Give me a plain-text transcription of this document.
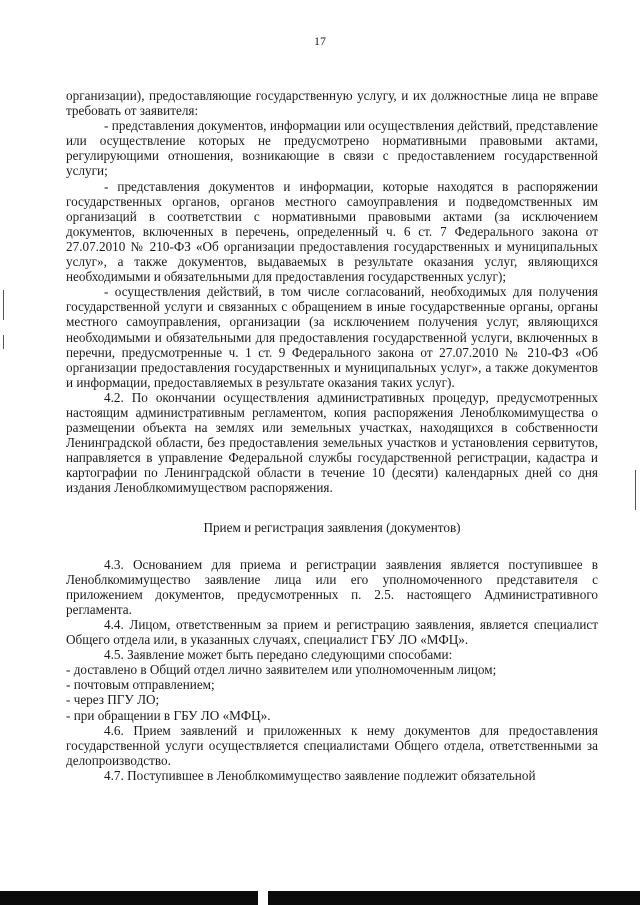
17

организации), предоставляющие государственную услугу, и их должностные лица не вправе требовать от заявителя:

- представления документов, информации или осуществления действий, представление или осуществление которых не предусмотрено нормативными правовыми актами, регулирующими отношения, возникающие в связи с предоставлением государственной услуги;

- представления документов и информации, которые находятся в распоряжении государственных органов, органов местного самоуправления и подведомственных им организаций в соответствии с нормативными правовыми актами (за исключением документов, включенных в перечень, определенный ч. 6 ст. 7 Федерального закона от 27.07.2010 № 210-ФЗ «Об организации предоставления государственных и муниципальных услуг», а также документов, выдаваемых в результате оказания услуг, являющихся необходимыми и обязательными для предоставления государственных услуг);

- осуществления действий, в том числе согласований, необходимых для получения государственной услуги и связанных с обращением в иные государственные органы, органы местного самоуправления, организации (за исключением получения услуг, являющихся необходимыми и обязательными для предоставления государственной услуги, включенных в перечни, предусмотренные ч. 1 ст. 9 Федерального закона от 27.07.2010 № 210-ФЗ «Об организации предоставления государственных и муниципальных услуг», а также документов и информации, предоставляемых в результате оказания таких услуг).

4.2. По окончании осуществления административных процедур, предусмотренных настоящим административным регламентом, копия распоряжения Леноблкомимущества о размещении объекта на землях или земельных участках, находящихся в собственности Ленинградской области, без предоставления земельных участков и установления сервитутов, направляется в управление Федеральной службы государственной регистрации, кадастра и картографии по Ленинградской области в течение 10 (десяти) календарных дней со дня издания Леноблкомимуществом распоряжения.

Прием и регистрация заявления (документов)

4.3. Основанием для приема и регистрации заявления является поступившее в Леноблкомимущество заявление лица или его уполномоченного представителя с приложением документов, предусмотренных п. 2.5. настоящего Административного регламента.

4.4. Лицом, ответственным за прием и регистрацию заявления, является специалист Общего отдела или, в указанных случаях, специалист ГБУ ЛО «МФЦ».

4.5. Заявление может быть передано следующими способами:

- доставлено в Общий отдел лично заявителем или уполномоченным лицом;

- почтовым отправлением;

- через ПГУ ЛО;

- при обращении в ГБУ ЛО «МФЦ».

4.6. Прием заявлений и приложенных к нему документов для предоставления государственной услуги осуществляется специалистами Общего отдела, ответственными за делопроизводство.

4.7. Поступившее в Леноблкомимущество заявление подлежит обязательной
